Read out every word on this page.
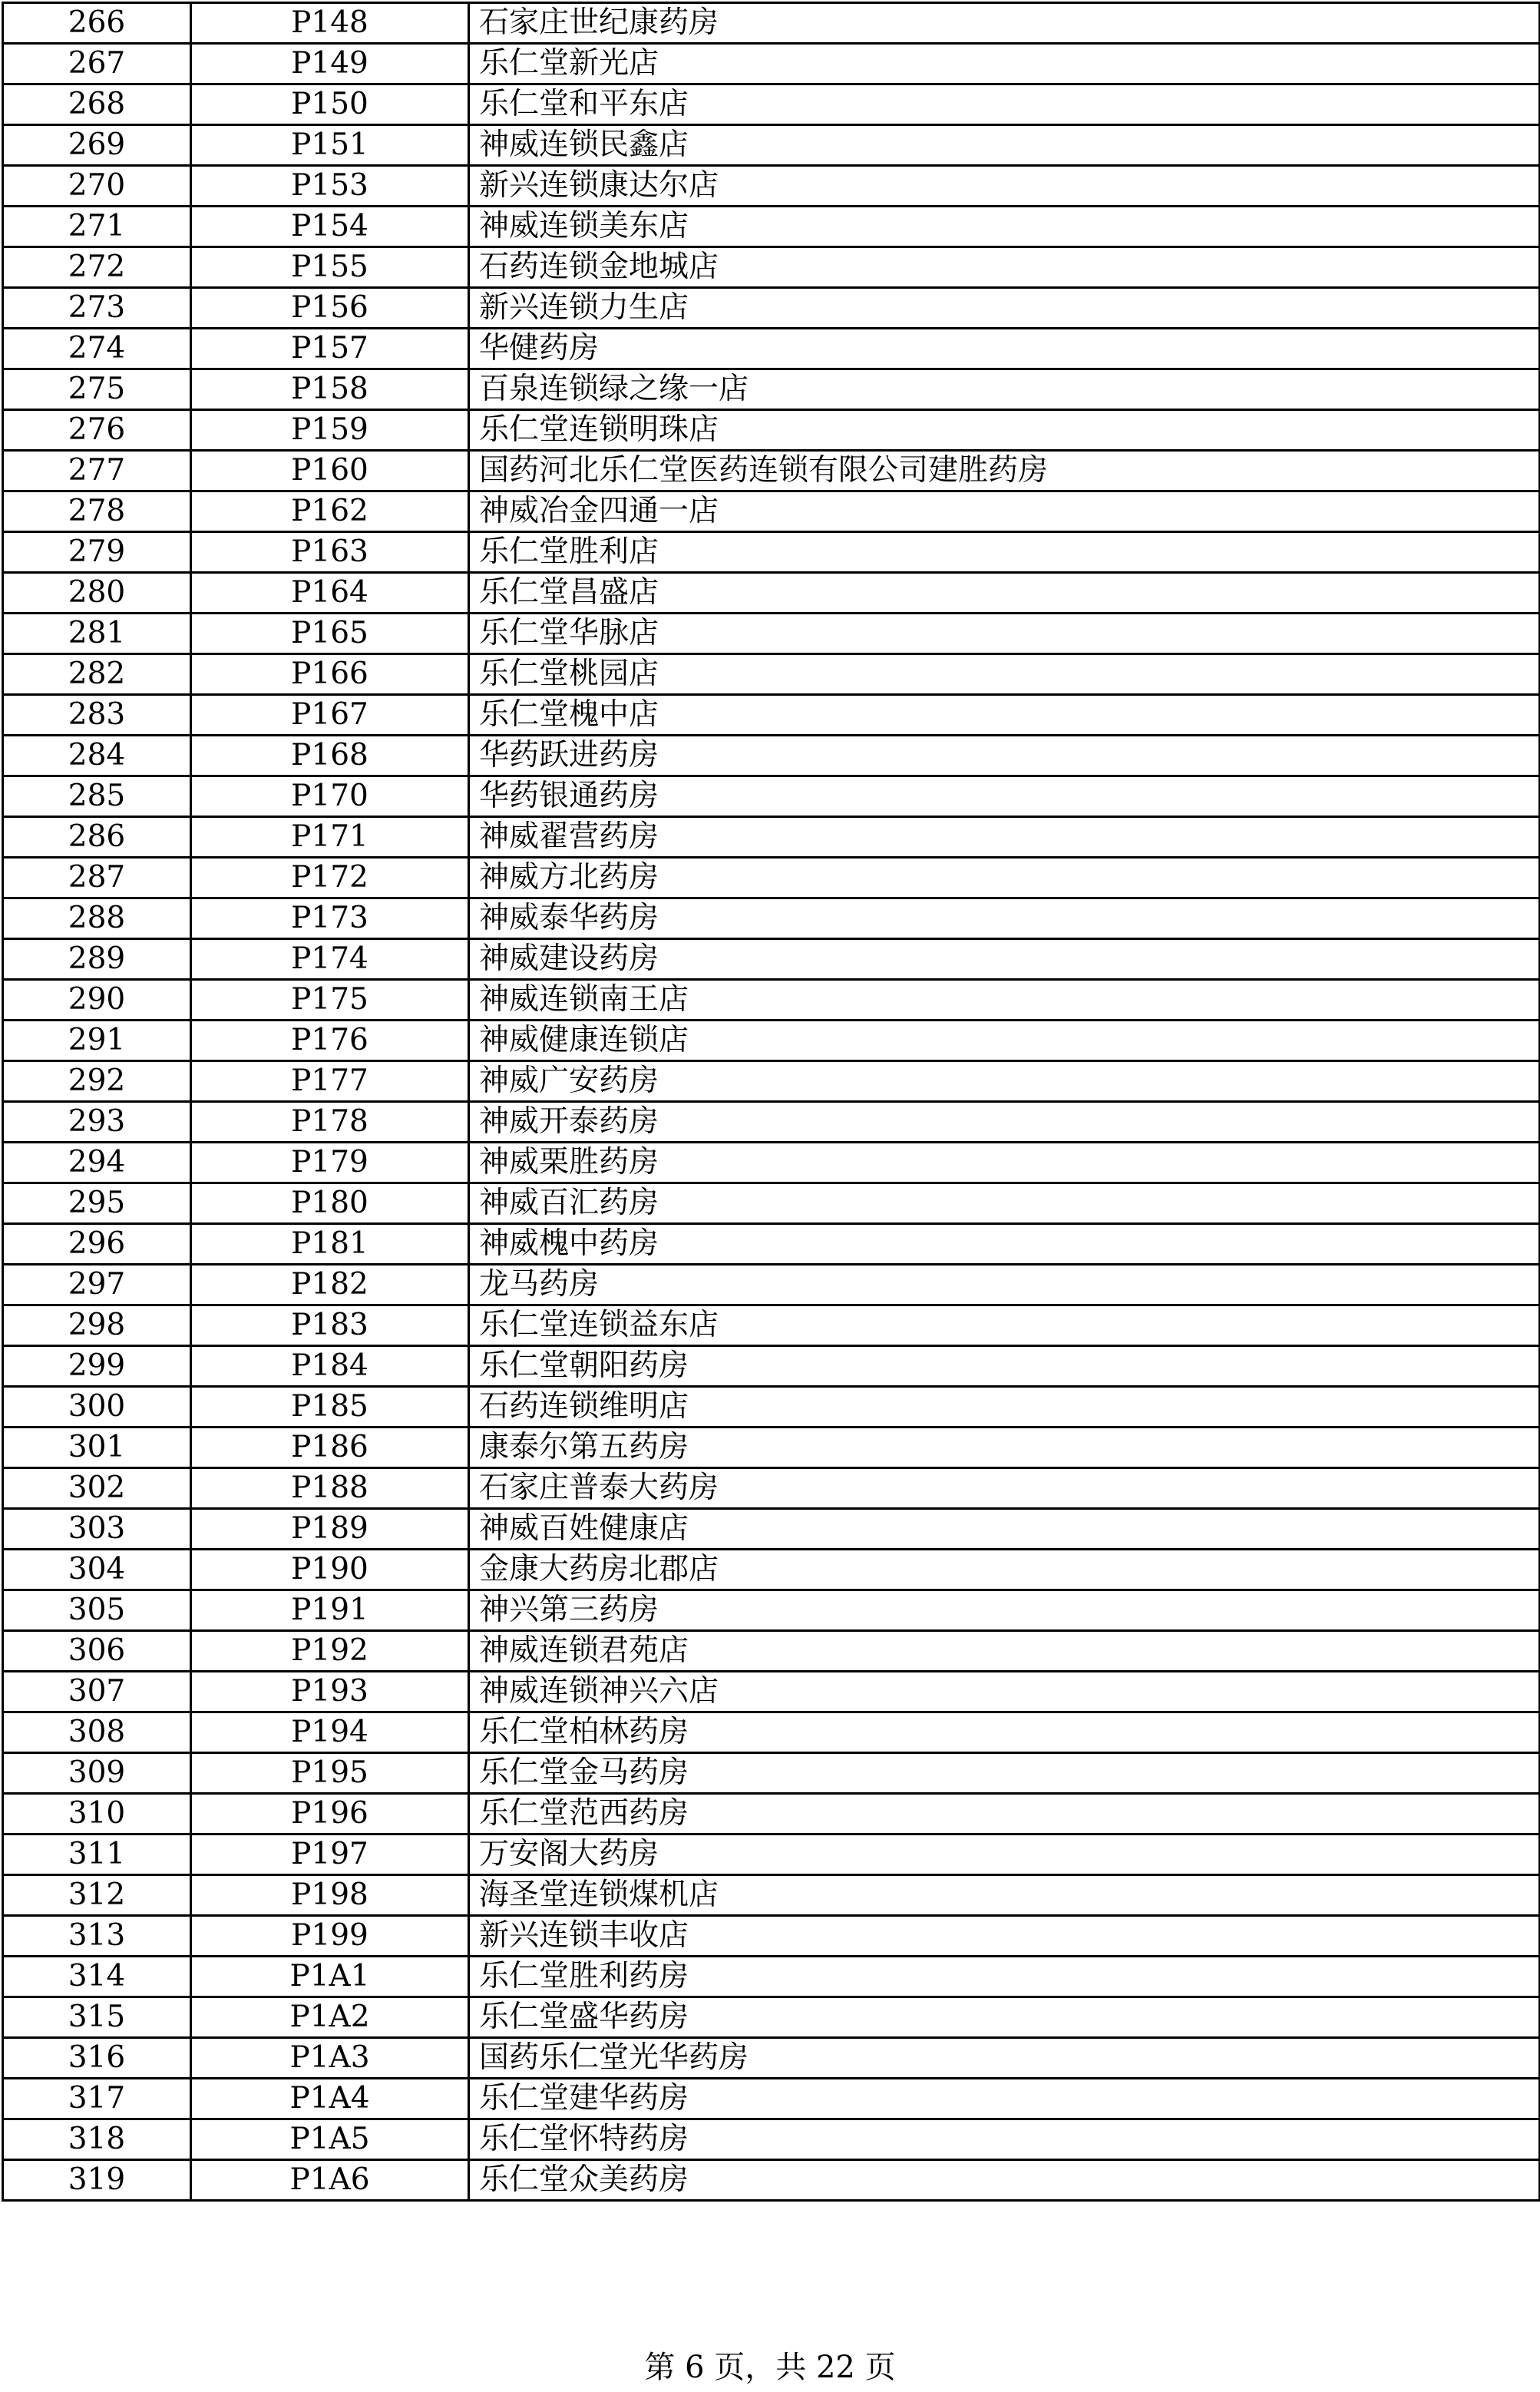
266	P148	石家庄世纪康药房
267	P149	乐仁堂新光店
268	P150	乐仁堂和平东店
269	P151	神威连锁民鑫店
270	P153	新兴连锁康达尔店
271	P154	神威连锁美东店
272	P155	石药连锁金地城店
273	P156	新兴连锁力生店
274	P157	华健药房
275	P158	百泉连锁绿之缘一店
276	P159	乐仁堂连锁明珠店
277	P160	国药河北乐仁堂医药连锁有限公司建胜药房
278	P162	神威冶金四通一店
279	P163	乐仁堂胜利店
280	P164	乐仁堂昌盛店
281	P165	乐仁堂华脉店
282	P166	乐仁堂桃园店
283	P167	乐仁堂槐中店
284	P168	华药跃进药房
285	P170	华药银通药房
286	P171	神威翟营药房
287	P172	神威方北药房
288	P173	神威泰华药房
289	P174	神威建设药房
290	P175	神威连锁南王店
291	P176	神威健康连锁店
292	P177	神威广安药房
293	P178	神威开泰药房
294	P179	神威栗胜药房
295	P180	神威百汇药房
296	P181	神威槐中药房
297	P182	龙马药房
298	P183	乐仁堂连锁益东店
299	P184	乐仁堂朝阳药房
300	P185	石药连锁维明店
301	P186	康泰尔第五药房
302	P188	石家庄普泰大药房
303	P189	神威百姓健康店
304	P190	金康大药房北郡店
305	P191	神兴第三药房
306	P192	神威连锁君苑店
307	P193	神威连锁神兴六店
308	P194	乐仁堂柏林药房
309	P195	乐仁堂金马药房
310	P196	乐仁堂范西药房
311	P197	万安阁大药房
312	P198	海圣堂连锁煤机店
313	P199	新兴连锁丰收店
314	P1A1	乐仁堂胜利药房
315	P1A2	乐仁堂盛华药房
316	P1A3	国药乐仁堂光华药房
317	P1A4	乐仁堂建华药房
318	P1A5	乐仁堂怀特药房
319	P1A6	乐仁堂众美药房
第 6 页，共 22 页
